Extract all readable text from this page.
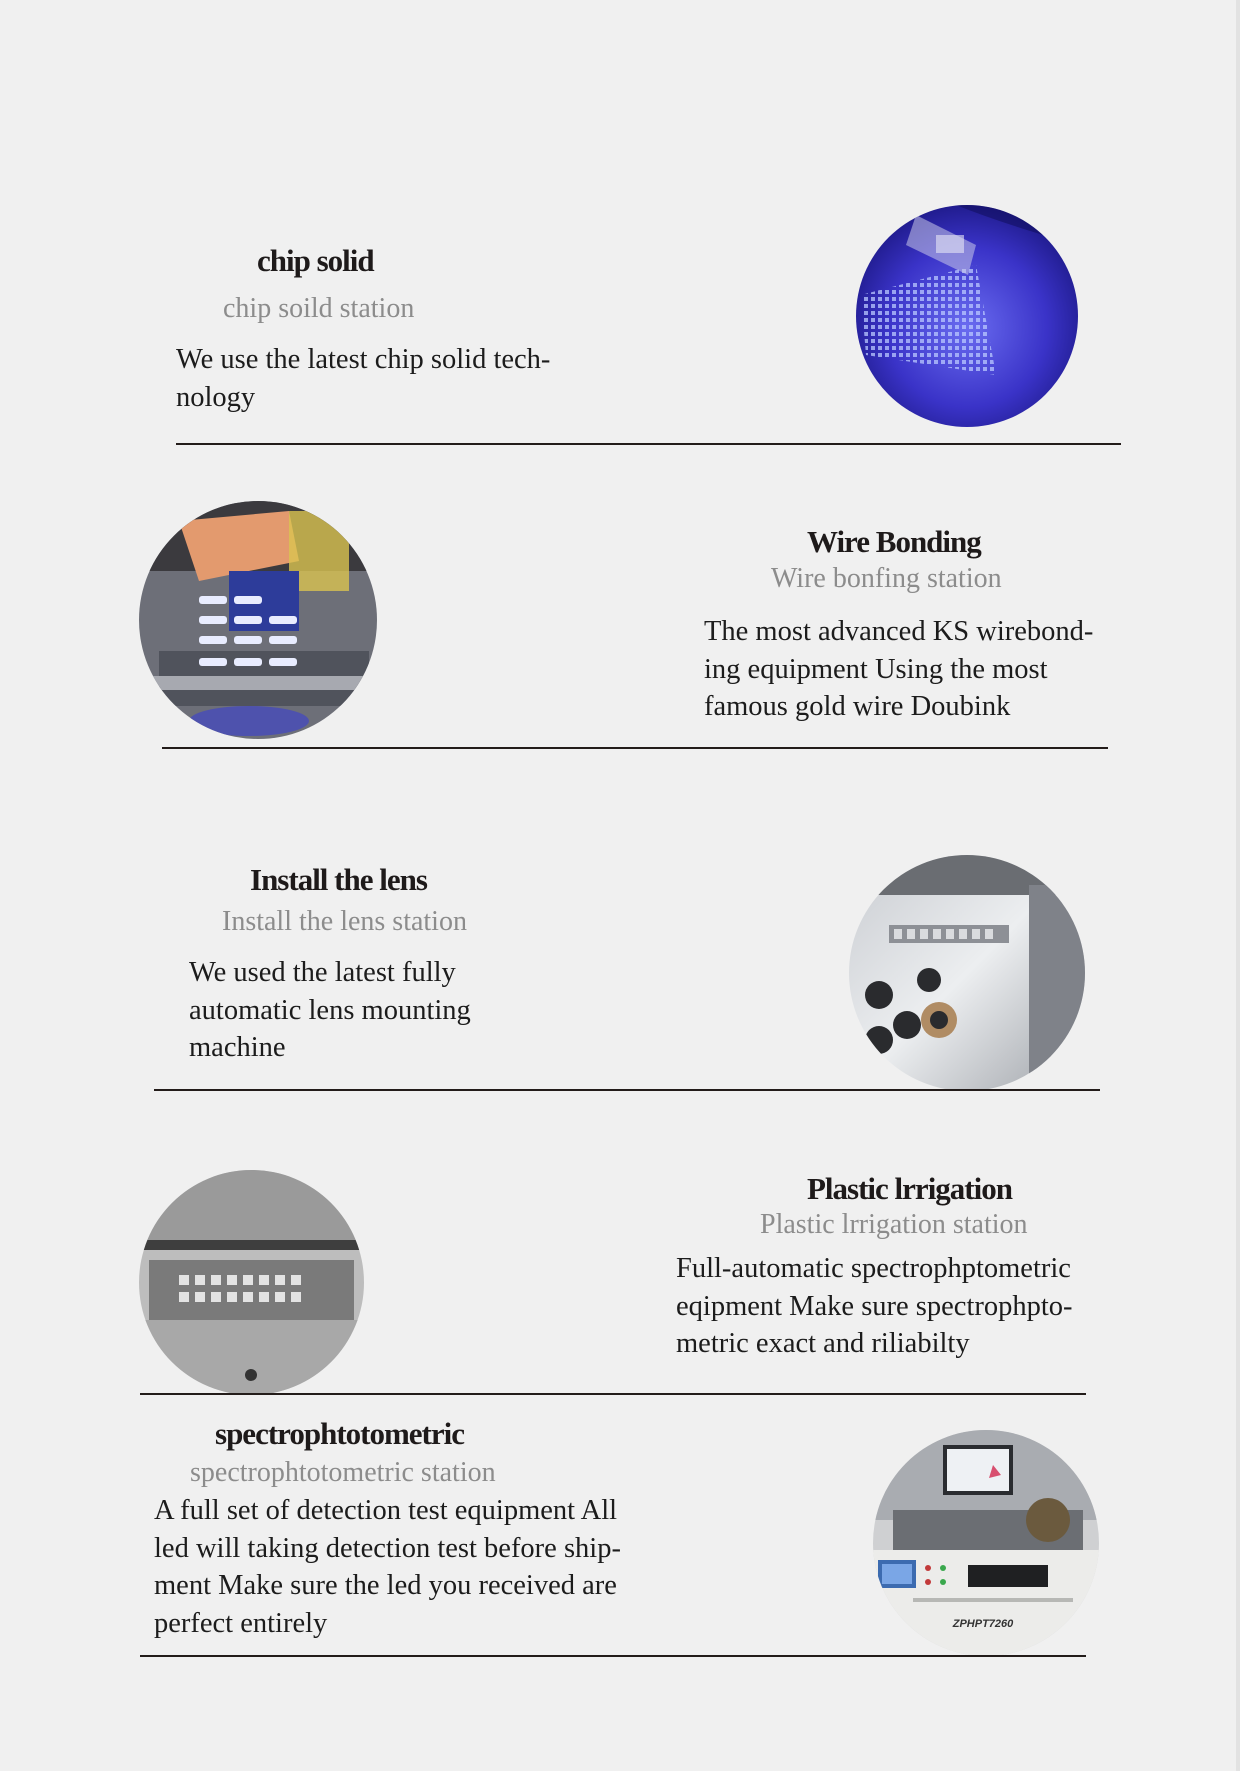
chip solid
chip soild station
We use the latest chip solid tech-
nology
Wire Bonding
Wire bonfing station
The most advanced KS wirebond-
ing equipment Using the most
famous gold wire Doubink
Install the lens
Install the lens station
We used the latest fully
automatic lens mounting
machine
Plastic lrrigation
Plastic lrrigation station
Full-automatic spectrophptometric
eqipment Make sure spectrophpto-
metric exact and riliabilty
spectrophtotometric
spectrophtotometric station
A full set of detection test equipment All
led will taking detection test before ship-
ment Make sure the led you received are
perfect entirely	ZPHPT7260
